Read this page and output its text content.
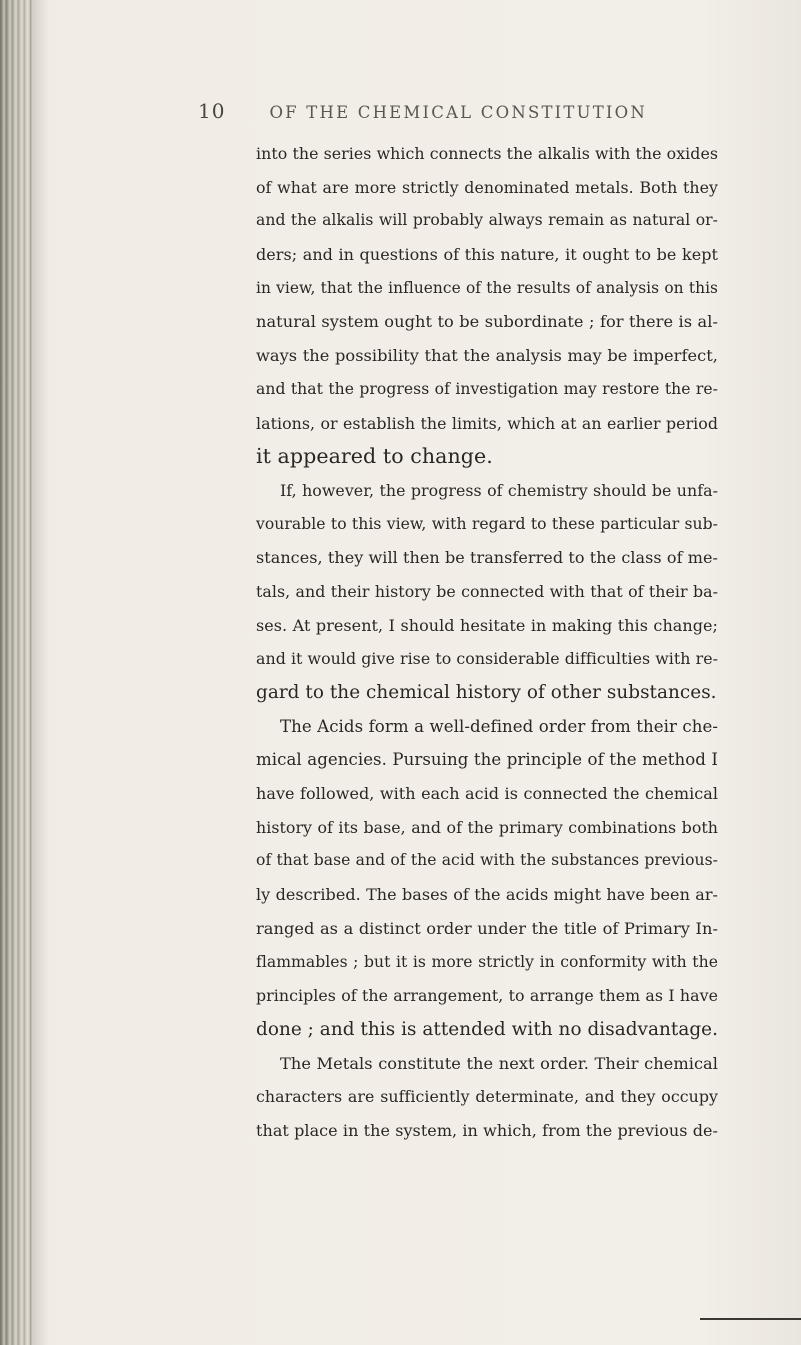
10	OF THE CHEMICAL CONSTITUTION
into the series which connects the alkalis with the oxides
of what are more strictly denominated metals. Both they
and the alkalis will probably always remain as natural or-
ders; and in questions of this nature, it ought to be kept
in view, that the influence of the results of analysis on this
natural system ought to be subordinate ; for there is al-
ways the possibility that the analysis may be imperfect,
and that the progress of investigation may restore the re-
lations, or establish the limits, which at an earlier period
it appeared to change.
If, however, the progress of chemistry should be unfa-
vourable to this view, with regard to these particular sub-
stances, they will then be transferred to the class of me-
tals, and their history be connected with that of their ba-
ses. At present, I should hesitate in making this change;
and it would give rise to considerable difficulties with re-
gard to the chemical history of other substances.
The Acids form a well-defined order from their che-
mical agencies. Pursuing the principle of the method I
have followed, with each acid is connected the chemical
history of its base, and of the primary combinations both
of that base and of the acid with the substances previous-
ly described. The bases of the acids might have been ar-
ranged as a distinct order under the title of Primary In-
flammables ; but it is more strictly in conformity with the
principles of the arrangement, to arrange them as I have
done ; and this is attended with no disadvantage.
The Metals constitute the next order. Their chemical
characters are sufficiently determinate, and they occupy
that place in the system, in which, from the previous de-
